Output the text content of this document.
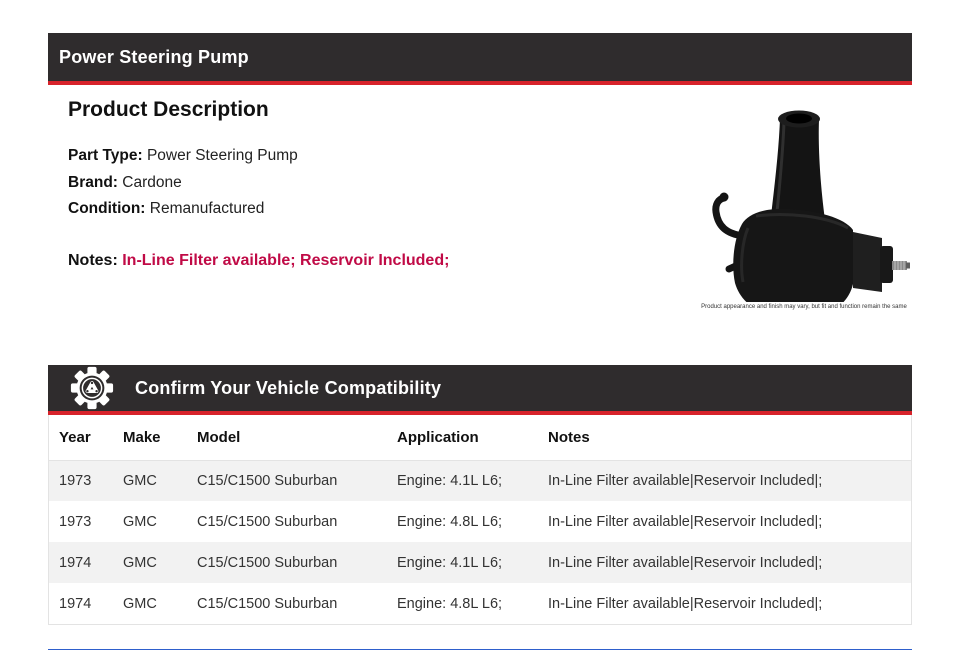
Power Steering Pump
Product Description
Part Type: Power Steering Pump
Brand: Cardone
Condition: Remanufactured

Notes: In-Line Filter available; Reservoir Included;

Product appearance and finish may vary, but fit and function remain the same
Confirm Your Vehicle Compatibility
Year	Make	Model	Application	Notes
1973	GMC	C15/C1500 Suburban	Engine: 4.1L L6;	In-Line Filter available|Reservoir Included|;
1973	GMC	C15/C1500 Suburban	Engine: 4.8L L6;	In-Line Filter available|Reservoir Included|;
1974	GMC	C15/C1500 Suburban	Engine: 4.1L L6;	In-Line Filter available|Reservoir Included|;
1974	GMC	C15/C1500 Suburban	Engine: 4.8L L6;	In-Line Filter available|Reservoir Included|;
